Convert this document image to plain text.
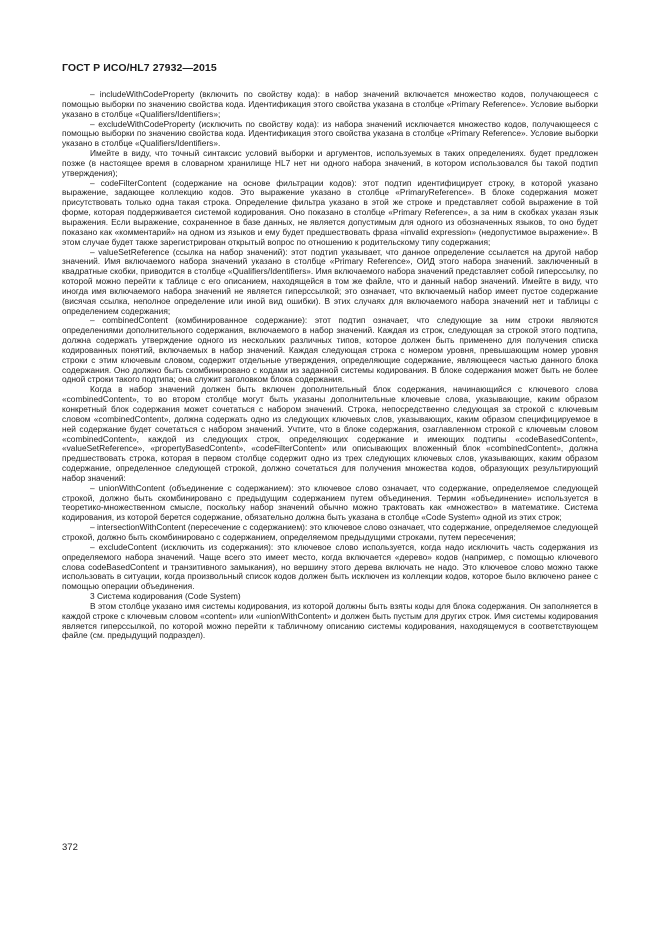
ГОСТ Р ИСО/HL7 27932—2015

– includeWithCodeProperty (включить по свойству кода): в набор значений включается множество кодов, получающееся с помощью выборки по значению свойства кода. Идентификация этого свойства указана в столбце «Primary Reference». Условие выборки указано в столбце «Qualifiers/Identifiers»;

– excludeWithCodeProperty (исключить по свойству кода): из набора значений исключается множество кодов, получающееся с помощью выборки по значению свойства кода. Идентификация этого свойства указана в столбце «Primary Reference». Условие выборки указано в столбце «Qualifiers/Identifiers».

Имейте в виду, что точный синтаксис условий выборки и аргументов, используемых в таких определениях. будет предложен позже (в настоящее время в словарном хранилище HL7 нет ни одного набора значений, в котором использовался бы такой подтип утверждения);

– codeFilterContent (содержание на основе фильтрации кодов): этот подтип идентифицирует строку, в которой указано выражение, задающее коллекцию кодов. Это выражение указано в столбце «PrimaryReference». В блоке содержания может присутствовать только одна такая строка. Определение фильтра указано в этой же строке и представляет собой выражение в той форме, которая поддерживается системой кодирования. Оно показано в столбце «Primary Reference», а за ним в скобках указан язык выражения. Если выражение, сохраненное в базе данных, не является допустимым для одного из обозначенных языков, то оно будет показано как «комментарий» на одном из языков и ему будет предшествовать фраза «invalid expression» (недопустимое выражение». В этом случае будет также зарегистрирован открытый вопрос по отношению к родительскому типу содержания;

– valueSetReference (ссылка на набор значений): этот подтип указывает, что данное определение ссылается на другой набор значений. Имя включаемого набора значений указано в столбце «Primary Reference», ОИД этого набора значений. заключенный в квадратные скобки, приводится в столбце «Qualifiers/Identifiers». Имя включаемого набора значений представляет собой гиперссылку, по которой можно перейти к таблице с его описанием, находящейся в том же файле, что и данный набор значений. Имейте в виду, что иногда имя включаемого набора значений не является гиперссылкой; это означает, что включаемый набор имеет пустое содержание (висячая ссылка, неполное определение или иной вид ошибки). В этих случаях для включаемого набора значений нет и таблицы с определением содержания;

– combinedContent (комбинированное содержание): этот подтип означает, что следующие за ним строки являются определениями дополнительного содержания, включаемого в набор значений. Каждая из строк, следующая за строкой этого подтипа, должна содержать утверждение одного из нескольких различных типов, которое должен быть применено для получения списка кодированных понятий, включаемых в набор значений. Каждая следующая строка с номером уровня, превышающим номер уровня строки с этим ключевым словом, содержит отдельные утверждения, определяющие содержание, являющееся частью данного блока содержания. Оно должно быть скомбинировано с кодами из заданной системы кодирования. В блоке содержания может быть не более одной строки такого подтипа; она служит заголовком блока содержания.

Когда в набор значений должен быть включен дополнительный блок содержания, начинающийся с ключевого слова «combinedContent», то во втором столбце могут быть указаны дополнительные ключевые слова, указывающие, каким образом конкретный блок содержания может сочетаться с набором значений. Строка, непосредственно следующая за строкой с ключевым словом «combinedContent», должна содержать одно из следующих ключевых слов, указывающих, каким образом специфицируемое в ней содержание будет сочетаться с набором значений. Учтите, что в блоке содержания, озаглавленном строкой с ключевым словом «combinedContent», каждой из следующих строк, определяющих содержание и имеющих подтипы «codeBasedContent», «valueSetReference», «propertyBasedContent», «codeFilterContent» или описывающих вложенный блок «combinedContent», должна предшествовать строка, которая в первом столбце содержит одно из трех следующих ключевых слов, указывающих, каким образом содержание, определенное следующей строкой, должно сочетаться для получения множества кодов, образующих результирующий набор значений:

– unionWithContent (объединение с содержанием): это ключевое слово означает, что содержание, определяемое следующей строкой, должно быть скомбинировано с предыдущим содержанием путем объединения. Термин «объединение» используется в теоретико-множественном смысле, поскольку набор значений обычно можно трактовать как «множество» в математике. Система кодирования, из которой берется содержание, обязательно должна быть указана в столбце «Code System» одной из этих строк;

– intersectionWithContent (пересечение с содержанием): это ключевое слово означает, что содержание, определяемое следующей строкой, должно быть скомбинировано с содержанием, определяемом предыдущими строками, путем пересечения;

– excludeContent (исключить из содержания): это ключевое слово используется, когда надо исключить часть содержания из определяемого набора значений. Чаще всего это имеет место, когда включается «дерево» кодов (например, с помощью ключевого слова codeBasedContent и транзитивного замыкания), но вершину этого дерева включать не надо. Это ключевое слово можно также использовать в ситуации, когда произвольный список кодов должен быть исключен из коллекции кодов, которое было включено ранее с помощью операции объединения.

3 Система кодирования (Code System)

В этом столбце указано имя системы кодирования, из которой должны быть взяты коды для блока содержания. Он заполняется в каждой строке с ключевым словом «content» или «unionWithContent» и должен быть пустым для других строк. Имя системы кодирования является гиперссылкой, по которой можно перейти к табличному описанию системы кодирования, находящемуся в соответствующем файле (см. предыдущий подраздел).

372
